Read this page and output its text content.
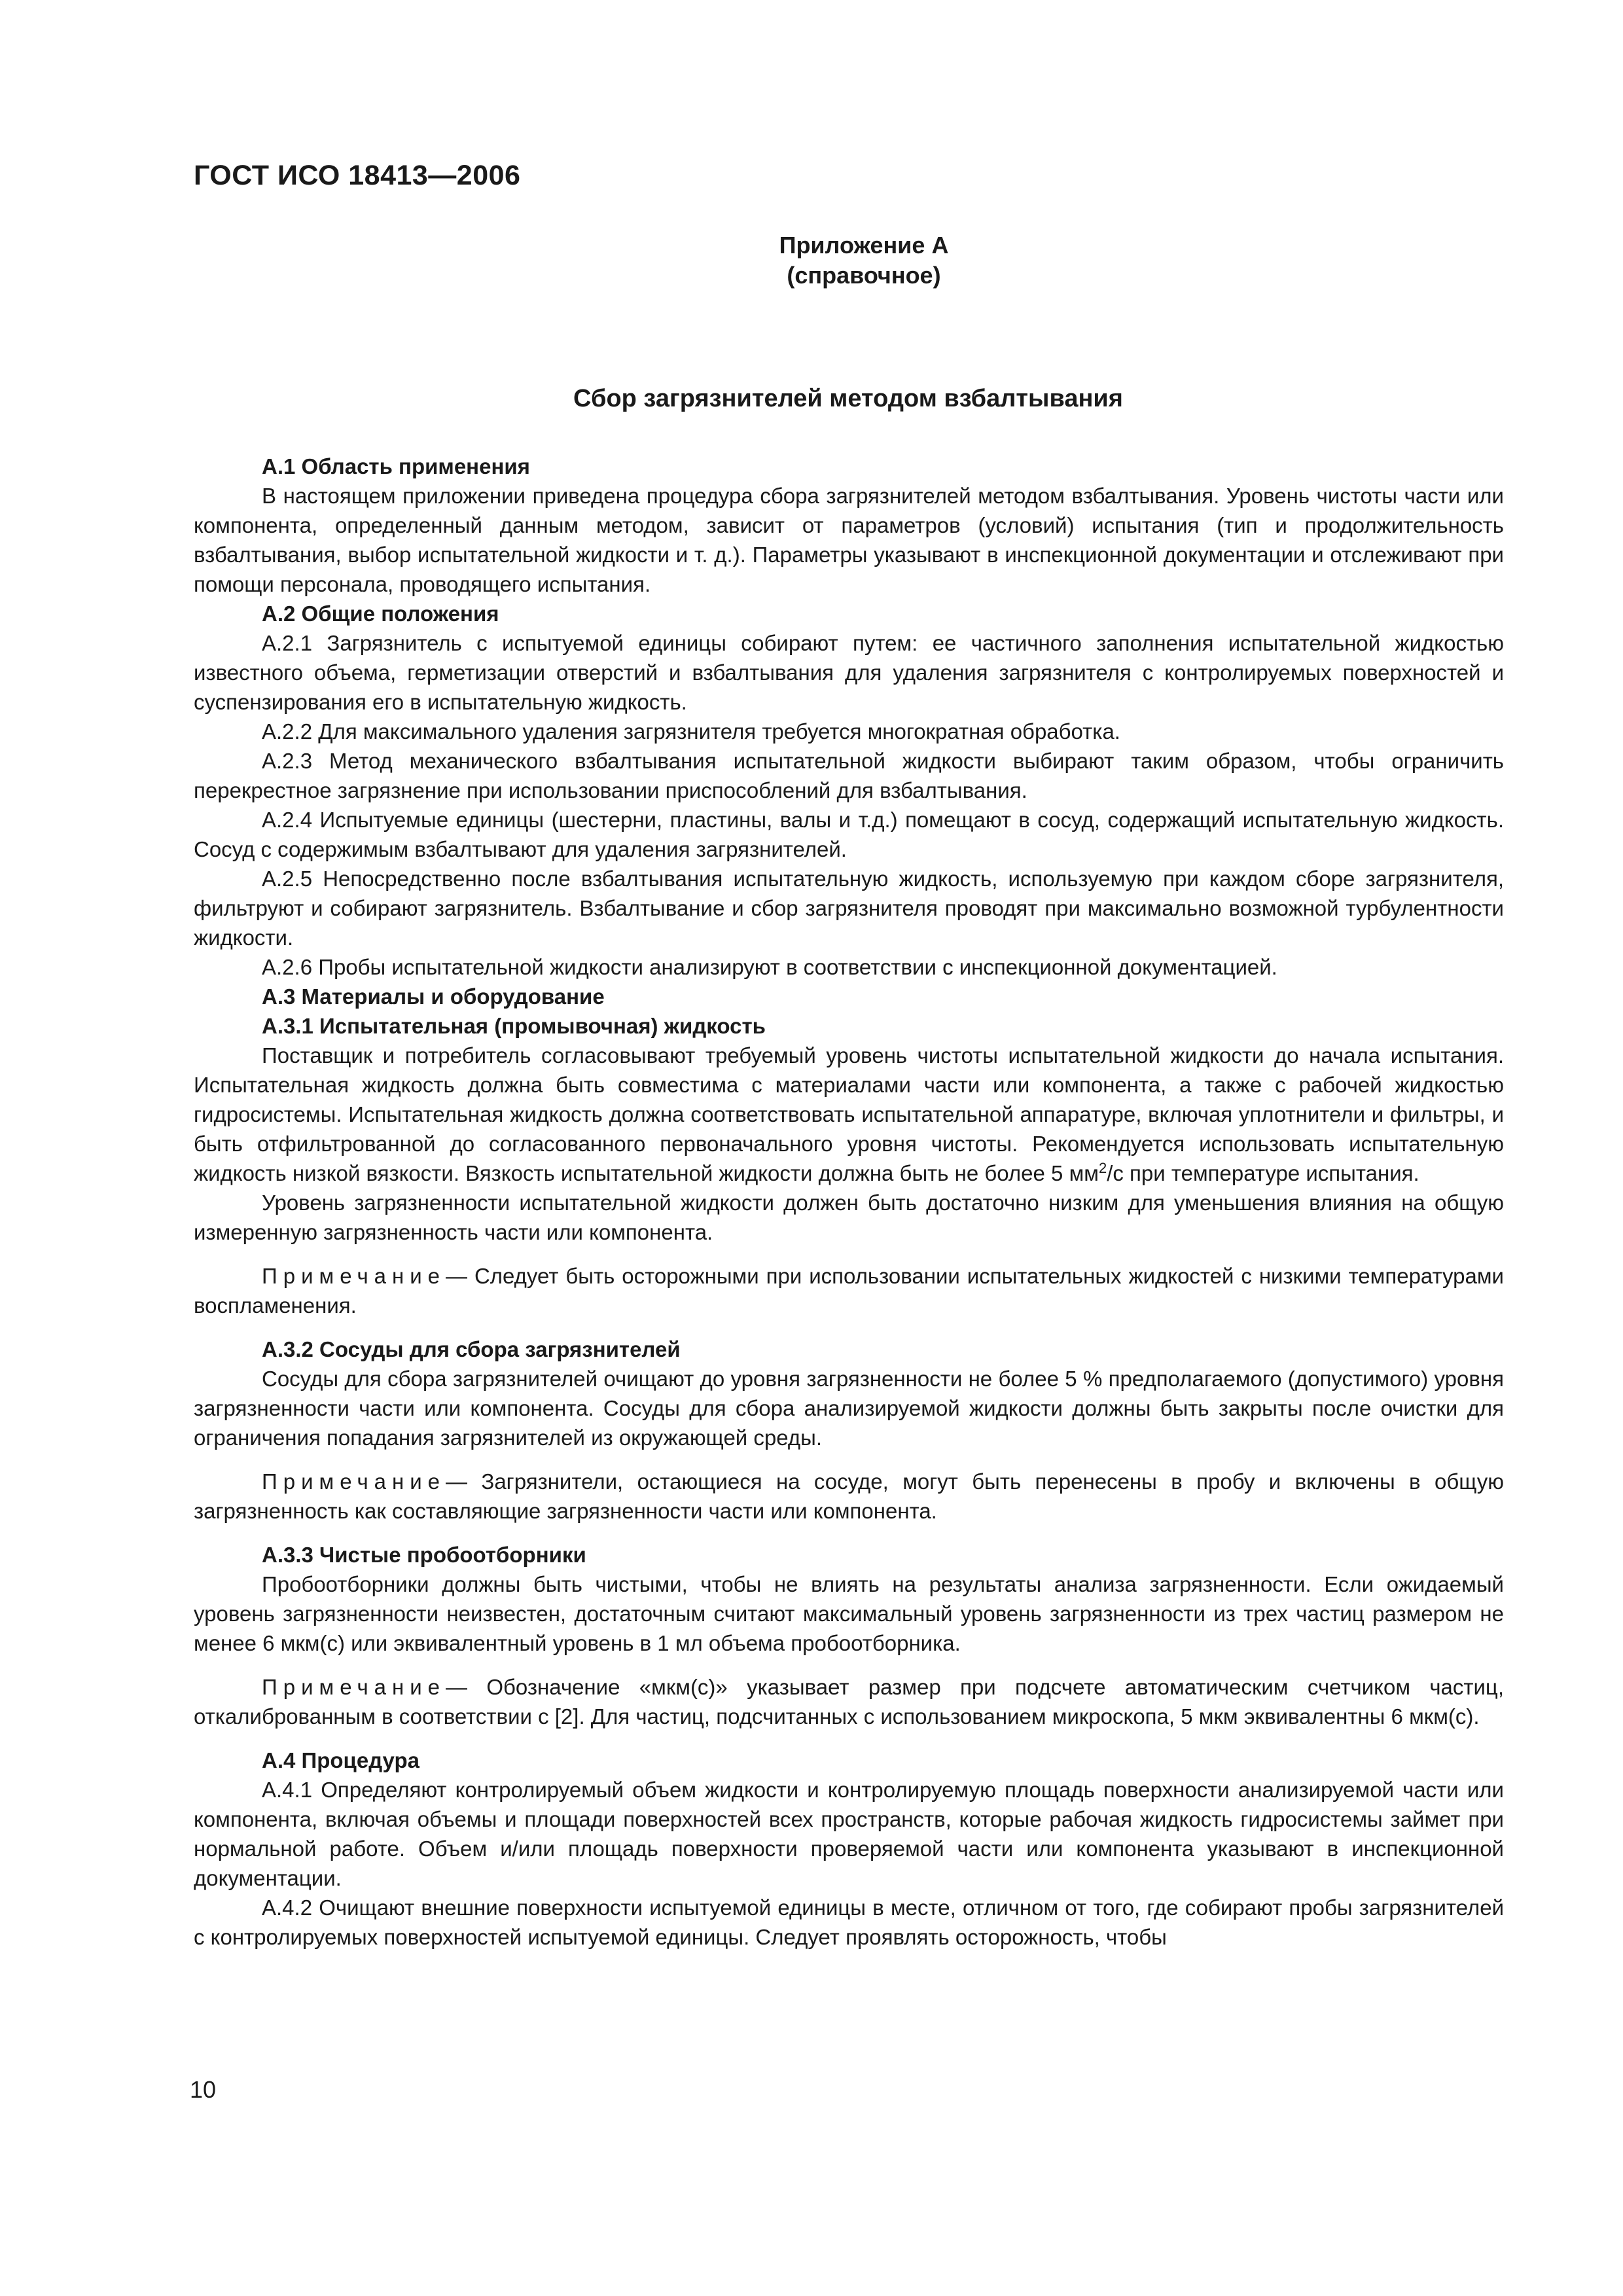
ГОСТ ИСО 18413—2006
Приложение А
(справочное)
Сбор загрязнителей методом взбалтывания

А.1 Область применения

В настоящем приложении приведена процедура сбора загрязнителей методом взбалтывания. Уровень чистоты части или компонента, определенный данным методом, зависит от параметров (условий) испытания (тип и продолжительность взбалтывания, выбор испытательной жидкости и т. д.). Параметры указывают в инспекционной документации и отслеживают при помощи персонала, проводящего испытания.

А.2 Общие положения

А.2.1 Загрязнитель с испытуемой единицы собирают путем: ее частичного заполнения испытательной жидкостью известного объема, герметизации отверстий и взбалтывания для удаления загрязнителя с контролируемых поверхностей и суспензирования его в испытательную жидкость.

А.2.2 Для максимального удаления загрязнителя требуется многократная обработка.

А.2.3 Метод механического взбалтывания испытательной жидкости выбирают таким образом, чтобы ограничить перекрестное загрязнение при использовании приспособлений для взбалтывания.

А.2.4 Испытуемые единицы (шестерни, пластины, валы и т.д.) помещают в сосуд, содержащий испытательную жидкость. Сосуд с содержимым взбалтывают для удаления загрязнителей.

А.2.5 Непосредственно после взбалтывания испытательную жидкость, используемую при каждом сборе загрязнителя, фильтруют и собирают загрязнитель. Взбалтывание и сбор загрязнителя проводят при максимально возможной турбулентности жидкости.

А.2.6 Пробы испытательной жидкости анализируют в соответствии с инспекционной документацией.

А.3 Материалы и оборудование

А.3.1 Испытательная (промывочная) жидкость

Поставщик и потребитель согласовывают требуемый уровень чистоты испытательной жидкости до начала испытания. Испытательная жидкость должна быть совместима с материалами части или компонента, а также с рабочей жидкостью гидросистемы. Испытательная жидкость должна соответствовать испытательной аппаратуре, включая уплотнители и фильтры, и быть отфильтрованной до согласованного первоначального уровня чистоты. Рекомендуется использовать испытательную жидкость низкой вязкости. Вязкость испытательной жидкости должна быть не более 5 $мм^2/с$ при температуре испытания.

Уровень загрязненности испытательной жидкости должен быть достаточно низким для уменьшения влияния на общую измеренную загрязненность части или компонента.

Примечание— Следует быть осторожными при использовании испытательных жидкостей с низкими температурами воспламенения.

А.3.2 Сосуды для сбора загрязнителей

Сосуды для сбора загрязнителей очищают до уровня загрязненности не более 5 % предполагаемого (допустимого) уровня загрязненности части или компонента. Сосуды для сбора анализируемой жидкости должны быть закрыты после очистки для ограничения попадания загрязнителей из окружающей среды.

Примечание— Загрязнители, остающиеся на сосуде, могут быть перенесены в пробу и включены в общую загрязненность как составляющие загрязненности части или компонента.

А.3.3 Чистые пробоотборники

Пробоотборники должны быть чистыми, чтобы не влиять на результаты анализа загрязненности. Если ожидаемый уровень загрязненности неизвестен, достаточным считают максимальный уровень загрязненности из трех частиц размером не менее 6 мкм(с) или эквивалентный уровень в 1 мл объема пробоотборника.

Примечание— Обозначение «мкм(с)» указывает размер при подсчете автоматическим счетчиком частиц, откалиброванным в соответствии с [2]. Для частиц, подсчитанных с использованием микроскопа, 5 мкм эквивалентны 6 мкм(с).

А.4 Процедура

А.4.1 Определяют контролируемый объем жидкости и контролируемую площадь поверхности анализируемой части или компонента, включая объемы и площади поверхностей всех пространств, которые рабочая жидкость гидросистемы займет при нормальной работе. Объем и/или площадь поверхности проверяемой части или компонента указывают в инспекционной документации.

А.4.2 Очищают внешние поверхности испытуемой единицы в месте, отличном от того, где собирают пробы загрязнителей с контролируемых поверхностей испытуемой единицы. Следует проявлять осторожность, чтобы

10
